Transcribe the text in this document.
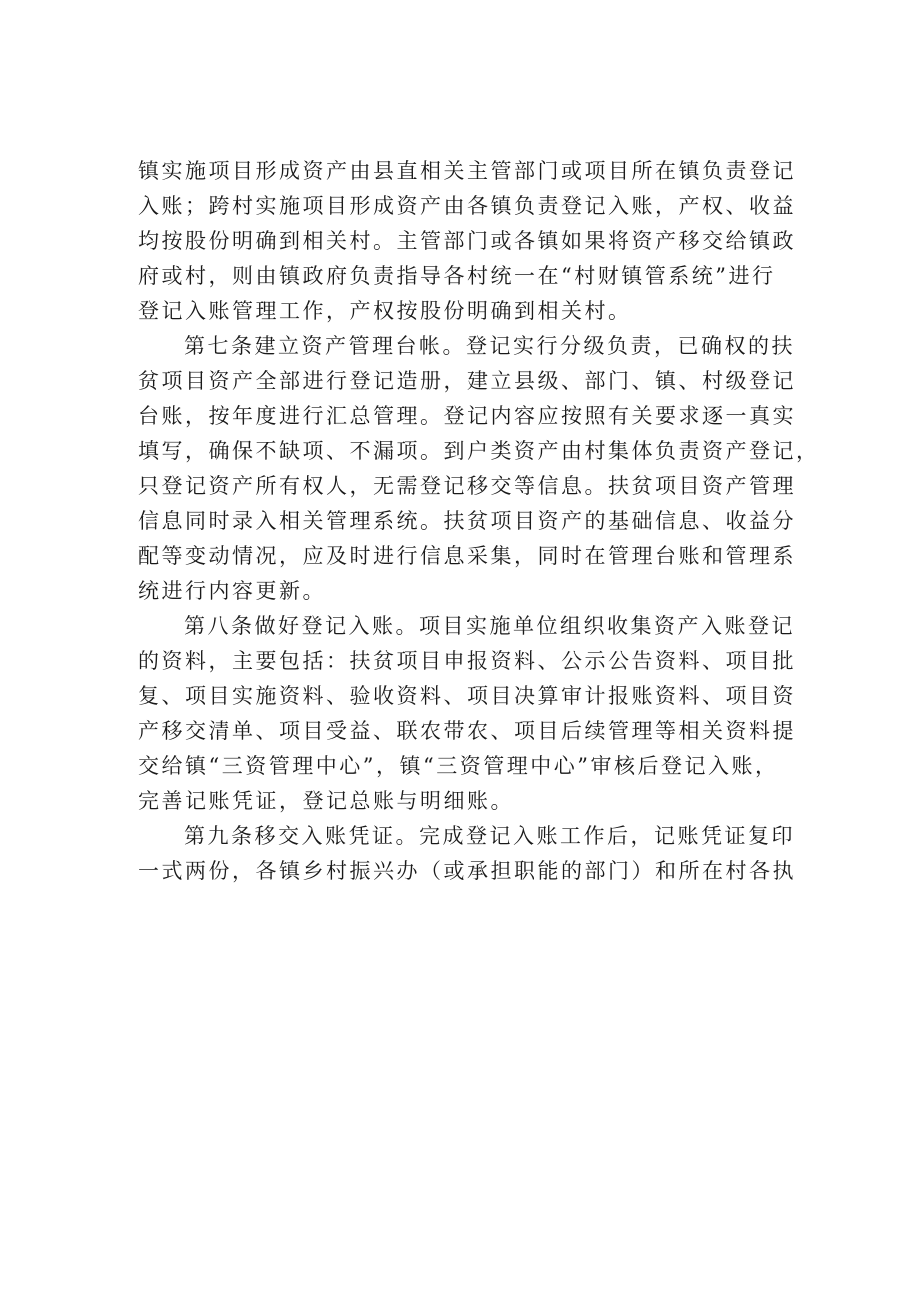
镇实施项目形成资产由县直相关主管部门或项目所在镇负责登记
入账；跨村实施项目形成资产由各镇负责登记入账，产权、收益
均按股份明确到相关村。主管部门或各镇如果将资产移交给镇政
府或村，则由镇政府负责指导各村统一在“村财镇管系统”进行
登记入账管理工作，产权按股份明确到相关村。
第七条建立资产管理台帐。登记实行分级负责，已确权的扶
贫项目资产全部进行登记造册，建立县级、部门、镇、村级登记
台账，按年度进行汇总管理。登记内容应按照有关要求逐一真实
填写，确保不缺项、不漏项。到户类资产由村集体负责资产登记，
只登记资产所有权人，无需登记移交等信息。扶贫项目资产管理
信息同时录入相关管理系统。扶贫项目资产的基础信息、收益分
配等变动情况，应及时进行信息采集，同时在管理台账和管理系
统进行内容更新。
第八条做好登记入账。项目实施单位组织收集资产入账登记
的资料，主要包括：扶贫项目申报资料、公示公告资料、项目批
复、项目实施资料、验收资料、项目决算审计报账资料、项目资
产移交清单、项目受益、联农带农、项目后续管理等相关资料提
交给镇“三资管理中心”，镇“三资管理中心”审核后登记入账，
完善记账凭证，登记总账与明细账。
第九条移交入账凭证。完成登记入账工作后，记账凭证复印
一式两份，各镇乡村振兴办（或承担职能的部门）和所在村各执
